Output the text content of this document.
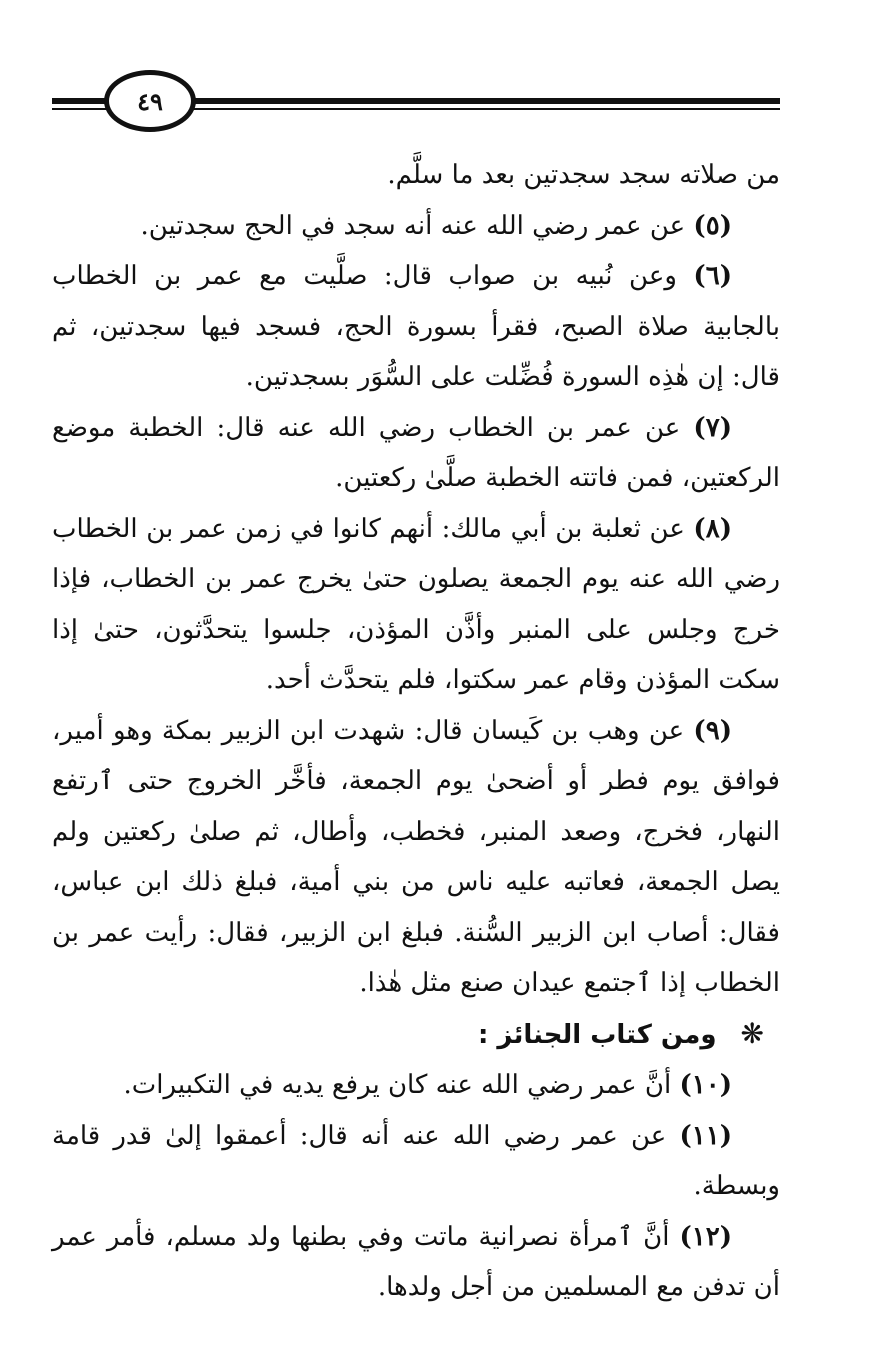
٤٩

من صلاته سجد سجدتين بعد ما سلَّم.

(٥) عن عمر رضي الله عنه أنه سجد في الحج سجدتين.

(٦) وعن نُبيه بن صواب قال: صلَّيت مع عمر بن الخطاب بالجابية صلاة الصبح، فقرأ بسورة الحج، فسجد فيها سجدتين، ثم قال: إن هٰذِه السورة فُضِّلت على السُّوَر بسجدتين.

(٧) عن عمر بن الخطاب رضي الله عنه قال: الخطبة موضع الركعتين، فمن فاتته الخطبة صلَّىٰ ركعتين.

(٨) عن ثعلبة بن أبي مالك: أنهم كانوا في زمن عمر بن الخطاب رضي الله عنه يوم الجمعة يصلون حتىٰ يخرج عمر بن الخطاب، فإذا خرج وجلس على المنبر وأذَّن المؤذن، جلسوا يتحدَّثون، حتىٰ إذا سكت المؤذن وقام عمر سكتوا، فلم يتحدَّث أحد.

(٩) عن وهب بن كَيسان قال: شهدت ابن الزبير بمكة وهو أمير، فوافق يوم فطر أو أضحىٰ يوم الجمعة، فأخَّر الخروج حتى ٱرتفع النهار، فخرج، وصعد المنبر، فخطب، وأطال، ثم صلىٰ ركعتين ولم يصل الجمعة، فعاتبه عليه ناس من بني أمية، فبلغ ذلك ابن عباس، فقال: أصاب ابن الزبير السُّنة. فبلغ ابن الزبير، فقال: رأيت عمر بن الخطاب إذا ٱجتمع عيدان صنع مثل هٰذا.

❋ومن كتاب الجنائز :

(١٠) أنَّ عمر رضي الله عنه كان يرفع يديه في التكبيرات.

(١١) عن عمر رضي الله عنه أنه قال: أعمقوا إلىٰ قدر قامة وبسطة.

(١٢) أنَّ ٱمرأة نصرانية ماتت وفي بطنها ولد مسلم، فأمر عمر أن تدفن مع المسلمين من أجل ولدها.
